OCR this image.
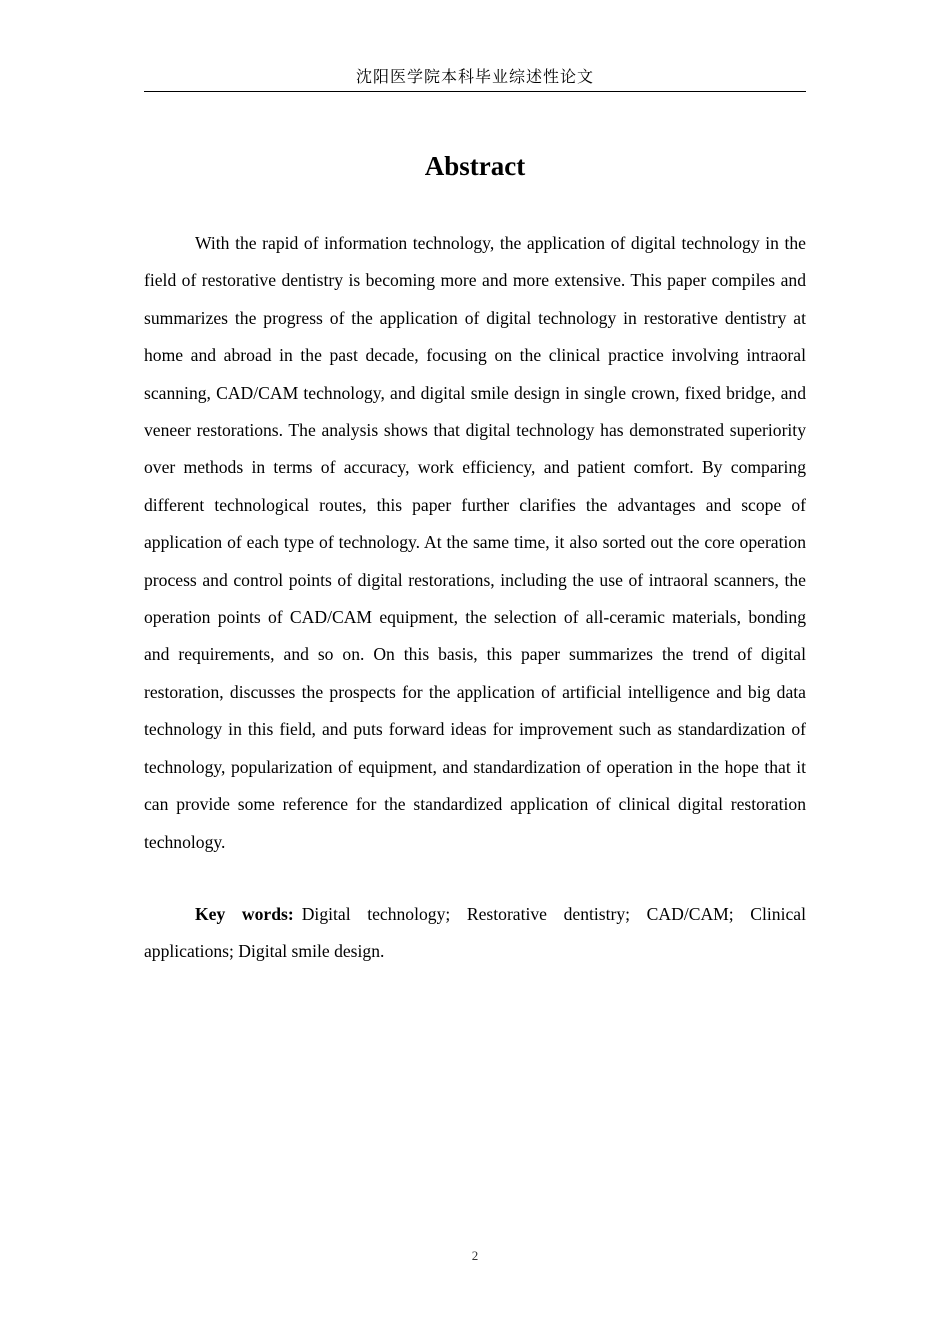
沈阳医学院本科毕业综述性论文
Abstract

With the rapid of information technology, the application of digital technology in the field of restorative dentistry is becoming more and more extensive. This paper compiles and summarizes the progress of the application of digital technology in restorative dentistry at home and abroad in the past decade, focusing on the clinical practice involving intraoral scanning, CAD/CAM technology, and digital smile design in single crown, fixed bridge, and veneer restorations. The analysis shows that digital technology has demonstrated superiority over methods in terms of accuracy, work efficiency, and patient comfort. By comparing different technological routes, this paper further clarifies the advantages and scope of application of each type of technology. At the same time, it also sorted out the core operation process and control points of digital restorations, including the use of intraoral scanners, the operation points of CAD/CAM equipment, the selection of all-ceramic materials, bonding and requirements, and so on. On this basis, this paper summarizes the trend of digital restoration, discusses the prospects for the application of artificial intelligence and big data technology in this field, and puts forward ideas for improvement such as standardization of technology, popularization of equipment, and standardization of operation in the hope that it can provide some reference for the standardized application of clinical digital restoration technology.

Key words: Digital technology; Restorative dentistry; CAD/CAM; Clinical applications; Digital smile design.

2
